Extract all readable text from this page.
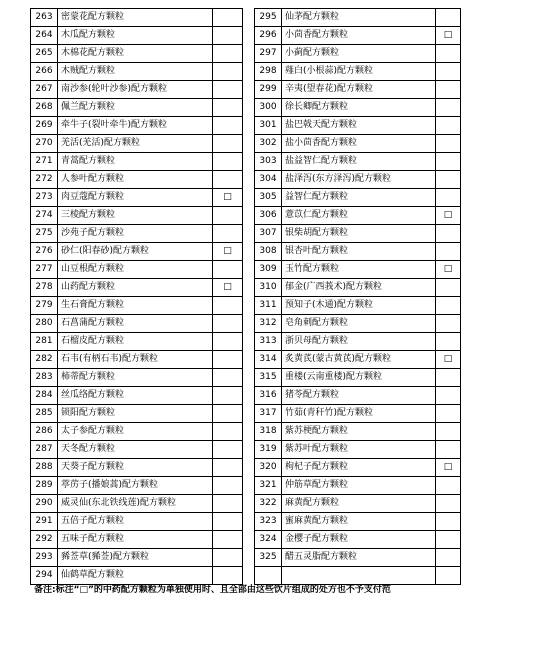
263	密蒙花配方颗粒			295	仙茅配方颗粒	
264	木瓜配方颗粒			296	小茴香配方颗粒	□
265	木棉花配方颗粒			297	小蓟配方颗粒	
266	木贼配方颗粒			298	薤白(小根蒜)配方颗粒	
267	南沙参(轮叶沙参)配方颗粒			299	辛夷(望春花)配方颗粒	
268	佩兰配方颗粒			300	徐长卿配方颗粒	
269	牵牛子(裂叶牵牛)配方颗粒			301	盐巴戟天配方颗粒	
270	羌活(羌活)配方颗粒			302	盐小茴香配方颗粒	
271	青蒿配方颗粒			303	盐益智仁配方颗粒	
272	人参叶配方颗粒			304	盐泽泻(东方泽泻)配方颗粒	
273	肉豆蔻配方颗粒	□		305	益智仁配方颗粒	
274	三棱配方颗粒			306	薏苡仁配方颗粒	□
275	沙苑子配方颗粒			307	银柴胡配方颗粒	
276	砂仁(阳春砂)配方颗粒	□		308	银杏叶配方颗粒	
277	山豆根配方颗粒			309	玉竹配方颗粒	□
278	山药配方颗粒	□		310	郁金(广西莪术)配方颗粒	
279	生石膏配方颗粒			311	预知子(木通)配方颗粒	
280	石菖蒲配方颗粒			312	皂角刺配方颗粒	
281	石榴皮配方颗粒			313	浙贝母配方颗粒	
282	石韦(有柄石韦)配方颗粒			314	炙黄芪(蒙古黄芪)配方颗粒	□
283	柿蒂配方颗粒			315	重楼(云南重楼)配方颗粒	
284	丝瓜络配方颗粒			316	猪苓配方颗粒	
285	锁阳配方颗粒			317	竹茹(青秆竹)配方颗粒	
286	太子参配方颗粒			318	紫苏梗配方颗粒	
287	天冬配方颗粒			319	紫苏叶配方颗粒	
288	天葵子配方颗粒			320	枸杞子配方颗粒	□
289	葶苈子(播娘蒿)配方颗粒			321	仲筋草配方颗粒	
290	威灵仙(东北铁线莲)配方颗粒			322	麻黄配方颗粒	
291	五倍子配方颗粒			323	蜜麻黄配方颗粒	
292	五味子配方颗粒			324	金樱子配方颗粒	
293	豨莶草(豨莶)配方颗粒			325	醋五灵脂配方颗粒	
294	仙鹤草配方颗粒					
备注:标注“□”的中药配方颗粒为单独使用时、且全部由这些饮片组成的处方也不予支付范
